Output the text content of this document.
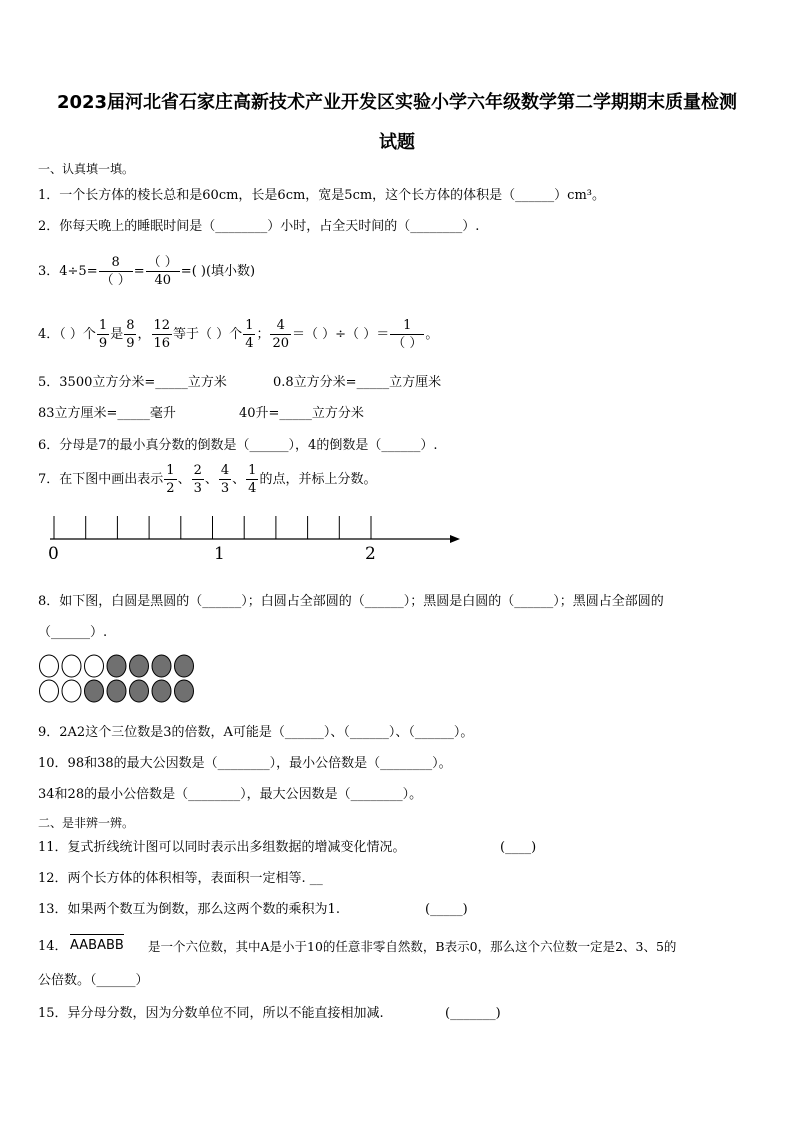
2023届河北省石家庄高新技术产业开发区实验小学六年级数学第二学期期末质量检测
试题
一、认真填一填。
1．一个长方体的棱长总和是60cm，长是6cm，宽是5cm，这个长方体的体积是（______）cm³。
2．你每天晚上的睡眠时间是（________）小时，占全天时间的（________）.
3．$4\div 5= \frac{8}{( )} = \frac{( )}{40}$ =( )(填小数)
4．（ ）个 $\frac{1}{9}$ 是 $\frac{8}{9}$ ， $\frac{12}{16}$ 等于（ ）个 $\frac{1}{4}$ ； $\frac{4}{20}$ ＝（ ）÷（ ）＝ $\frac{1}{( )}$ 。
5．3500立方分米=_____立方米	0.8立方分米=_____立方厘米
83立方厘米=_____毫升	40升=_____立方分米
6．分母是7的最小真分数的倒数是（______），4的倒数是（______）.
7．在下图中画出表示 $\frac{1}{2}$ 、 $\frac{2}{3}$ 、 $\frac{4}{3}$ 、 $\frac{1}{4}$ 的点，并标上分数。
0	1	2
8．如下图，白圆是黑圆的（______）；白圆占全部圆的（______）；黑圆是白圆的（______）；黑圆占全部圆的
（______）.
9．2A2这个三位数是3的倍数，A可能是（______）、（______）、（______）。
10．98和38的最大公因数是（________），最小公倍数是（________）。
34和28的最小公倍数是（________），最大公因数是（________）。
二、是非辨一辨。
11．复式折线统计图可以同时表示出多组数据的增减变化情况。	(____)
12．两个长方体的体积相等，表面积一定相等. __
13．如果两个数互为倒数，那么这两个数的乘积为1.	(_____)
14． AABABB 是一个六位数，其中A是小于10的任意非零自然数，B表示0，那么这个六位数一定是2、3、5的
公倍数。（______）
15．异分母分数，因为分数单位不同，所以不能直接相加减.	(_______)
